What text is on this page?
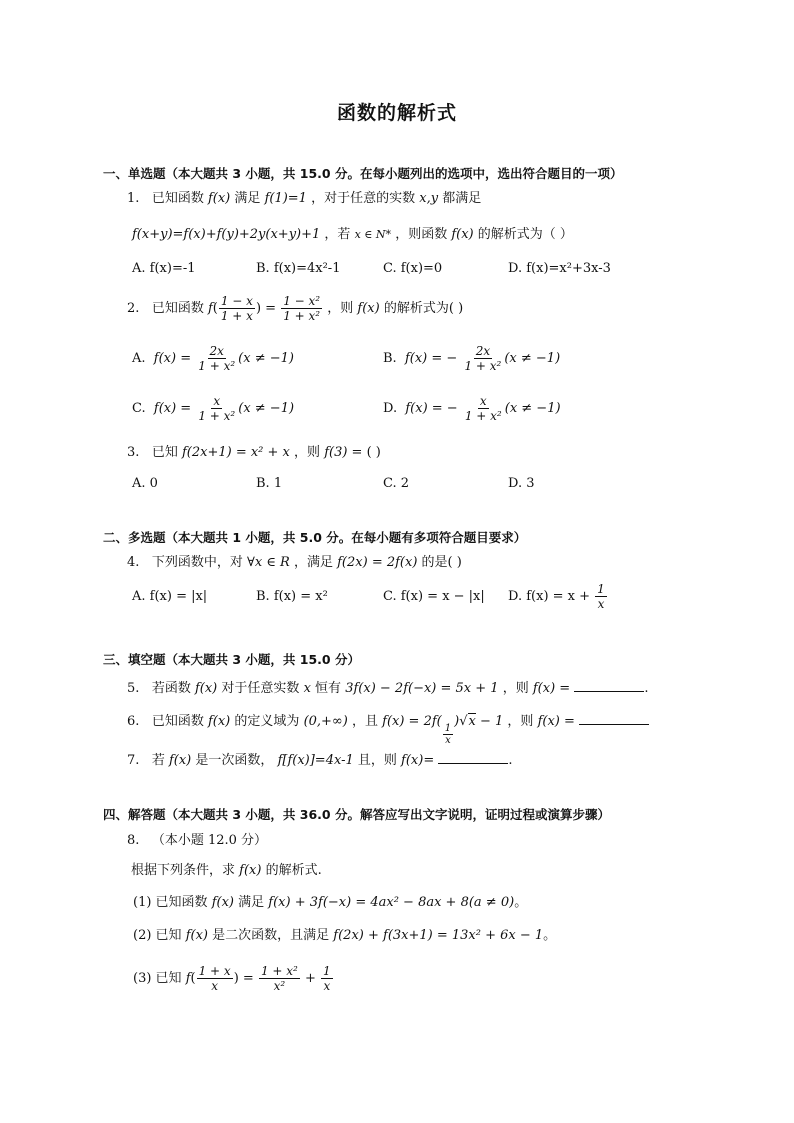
函数的解析式
一、单选题（本大题共 3 小题，共 15.0 分。在每小题列出的选项中，选出符合题目的一项）
1. 已知函数 f(x) 满足 f(1)=1 ，对于任意的实数 x,y 都满足
f(x+y)=f(x)+f(y)+2y(x+y)+1 ，若 x ∈ N* ，则函数 f(x) 的解析式为（ ）
A. f(x)=-1	B. f(x)=4x²-1	C. f(x)=0	D. f(x)=x²+3x-3
2. 已知函数 $f( \frac{1 - x}{1 + x}$ ) = $\frac{\text{1 − x²}}{\text{1 + x²}}$ ，则 f(x) 的解析式为( )
A. $f(x) = \frac{2x}{\text{1 + x²}} (x \ne -1)$	B. f(x) = − $\frac{2x}{\text{1 + x²}} (x \ne -1)$
C. $f(x) = \frac{x}{\text{1 + x²}} (x \ne -1)$	D. f(x) = − $\frac{x}{\text{1 + x²}} (x \ne -1)$
3. 已知 f(2x+1) = x² + x ，则 f(3) = ( )
A. 0	B. 1	C. 2	D. 3
二、多选题（本大题共 1 小题，共 5.0 分。在每小题有多项符合题目要求）
4. 下列函数中，对 ∀x ∈ R ，满足 f(2x) = 2f(x) 的是( )
A. f(x) = |x|	B. f(x) = x²	C. f(x) = x − |x| D. $f(x) = x + \frac{1}{x}$
三、填空题（本大题共 3 小题，共 15.0 分）
5. 若函数 f(x) 对于任意实数 x 恒有 3f(x) − 2f(−x) = 5x + 1 ，则 f(x) =	.
6. 已知函数 f(x) 的定义域为 (0,+∞) ，且 f(x) = 2f(
$\frac{1}{x}$
)√x − 1 ，则 f(x) =
7. 若 f(x) 是一次函数， f[f(x)]=4x-1 且，则 f(x)=	.
四、解答题（本大题共 3 小题，共 36.0 分。解答应写出文字说明，证明过程或演算步骤）
8. （本小题 12.0 分）
根据下列条件，求 f(x) 的解析式.
(1) 已知函数 f(x) 满足 f(x) + 3f(−x) = 4ax² − 8ax + 8(a ≠ 0)。
(2) 已知 f(x) 是二次函数，且满足 f(2x) + f(3x+1) = 13x² + 6x − 1。
(3) 已知 $f( \frac{1 + x}{x}$ ) = $\frac{\text{1 + x²}}{\text{x²}} + \frac{1}{x}$
